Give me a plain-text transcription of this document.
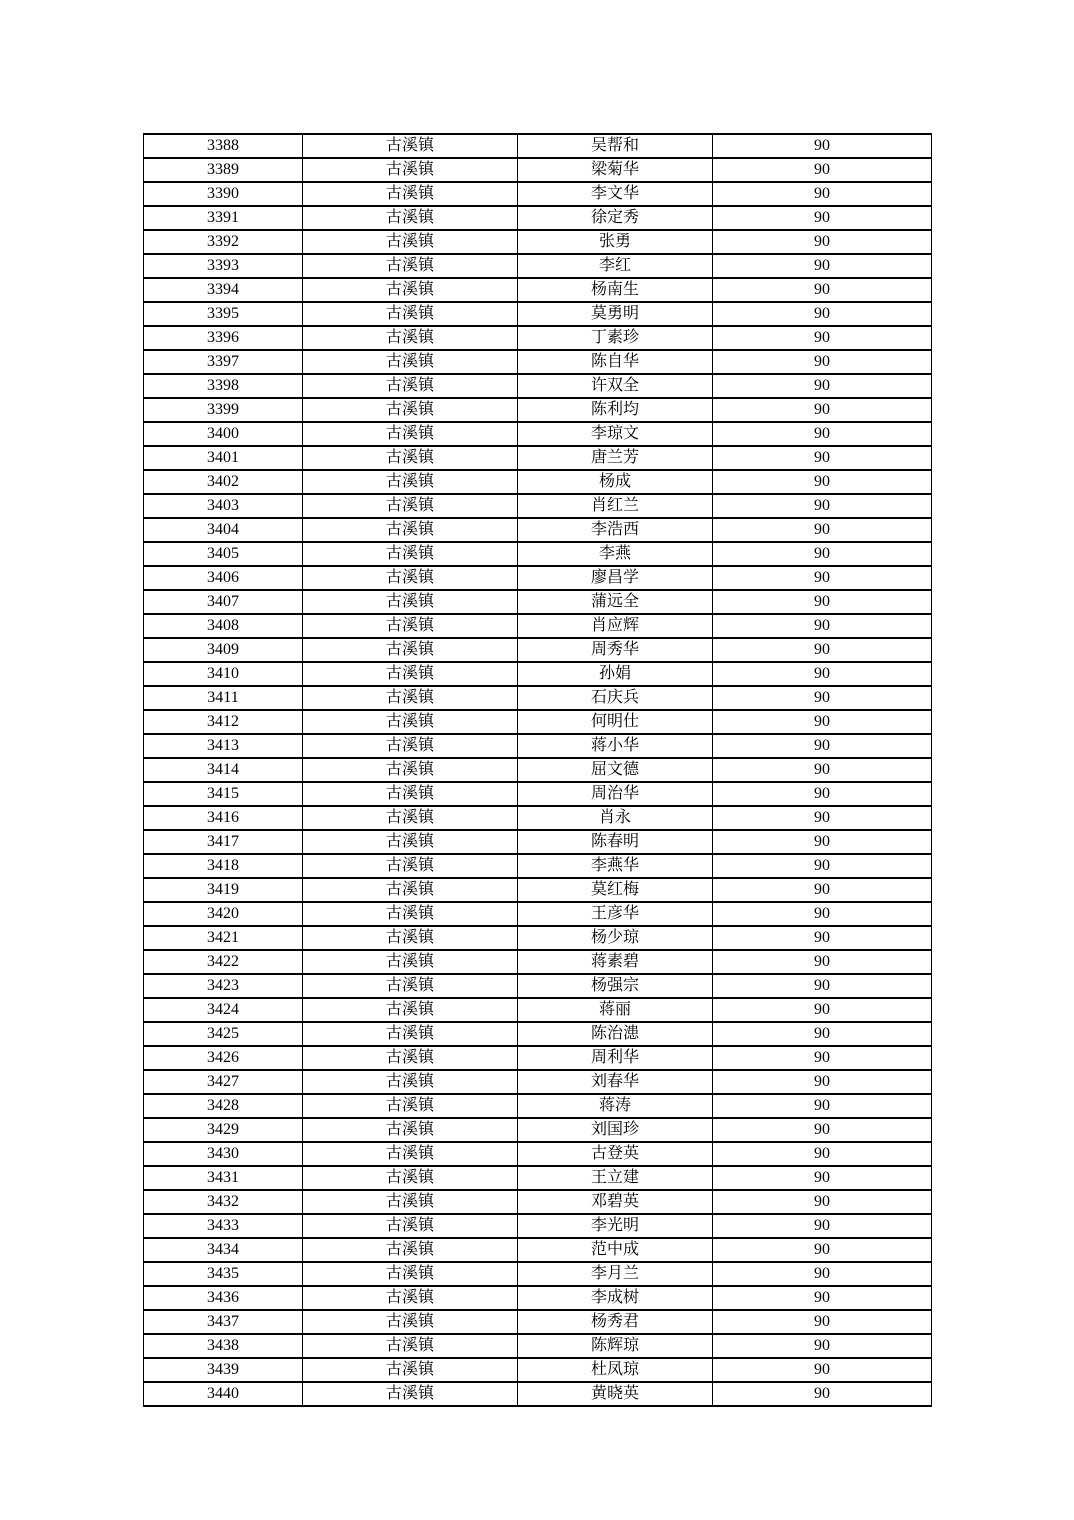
3388	古溪镇	吴帮和	90
3389	古溪镇	梁菊华	90
3390	古溪镇	李文华	90
3391	古溪镇	徐定秀	90
3392	古溪镇	张勇	90
3393	古溪镇	李红	90
3394	古溪镇	杨南生	90
3395	古溪镇	莫勇明	90
3396	古溪镇	丁素珍	90
3397	古溪镇	陈自华	90
3398	古溪镇	许双全	90
3399	古溪镇	陈利均	90
3400	古溪镇	李琼文	90
3401	古溪镇	唐兰芳	90
3402	古溪镇	杨成	90
3403	古溪镇	肖红兰	90
3404	古溪镇	李浩西	90
3405	古溪镇	李燕	90
3406	古溪镇	廖昌学	90
3407	古溪镇	蒲远全	90
3408	古溪镇	肖应辉	90
3409	古溪镇	周秀华	90
3410	古溪镇	孙娟	90
3411	古溪镇	石庆兵	90
3412	古溪镇	何明仕	90
3413	古溪镇	蒋小华	90
3414	古溪镇	屈文德	90
3415	古溪镇	周治华	90
3416	古溪镇	肖永	90
3417	古溪镇	陈春明	90
3418	古溪镇	李燕华	90
3419	古溪镇	莫红梅	90
3420	古溪镇	王彦华	90
3421	古溪镇	杨少琼	90
3422	古溪镇	蒋素碧	90
3423	古溪镇	杨强宗	90
3424	古溪镇	蒋丽	90
3425	古溪镇	陈治漶	90
3426	古溪镇	周利华	90
3427	古溪镇	刘春华	90
3428	古溪镇	蒋涛	90
3429	古溪镇	刘国珍	90
3430	古溪镇	古登英	90
3431	古溪镇	王立建	90
3432	古溪镇	邓碧英	90
3433	古溪镇	李光明	90
3434	古溪镇	范中成	90
3435	古溪镇	李月兰	90
3436	古溪镇	李成树	90
3437	古溪镇	杨秀君	90
3438	古溪镇	陈辉琼	90
3439	古溪镇	杜凤琼	90
3440	古溪镇	黄晓英	90
